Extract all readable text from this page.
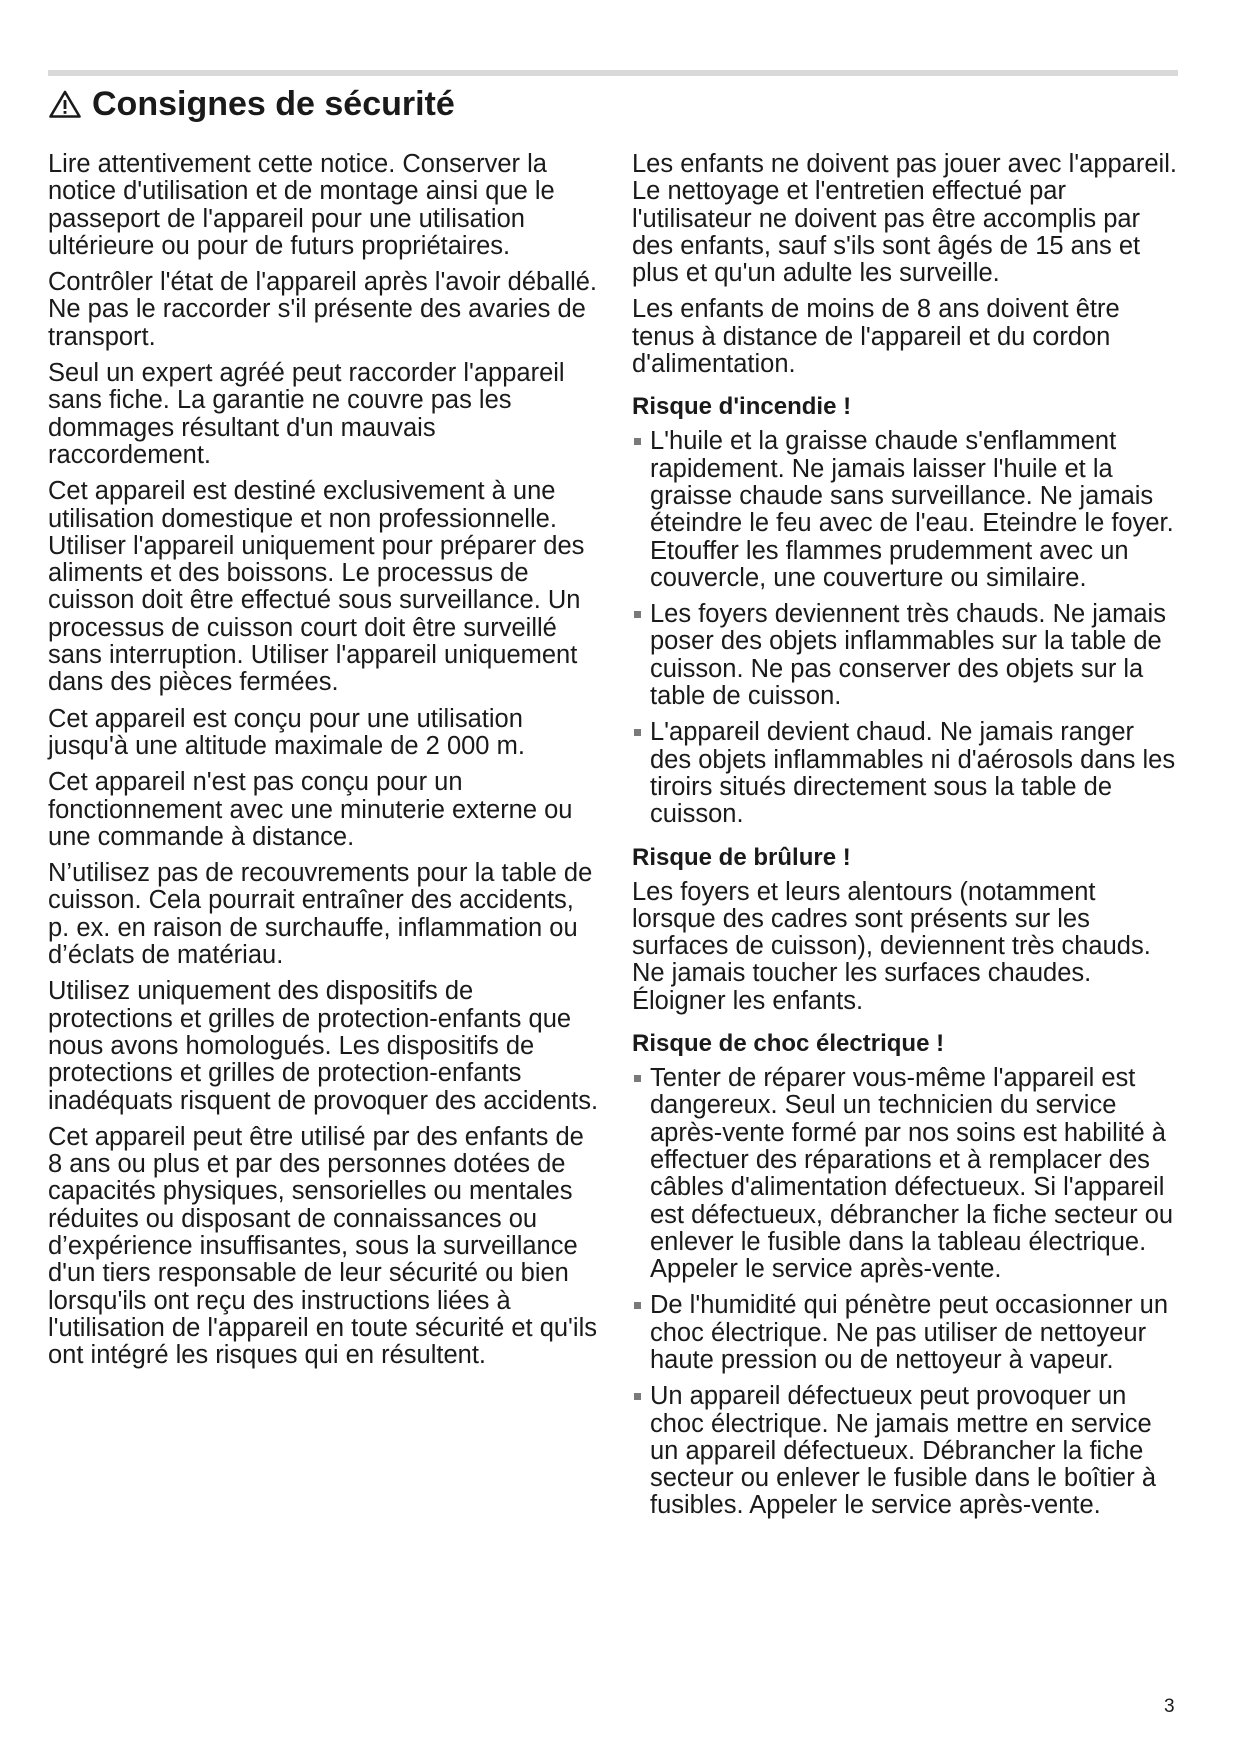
Consignes de sécurité

Lire attentivement cette notice. Conserver la notice d'utilisation et de montage ainsi que le passeport de l'appareil pour une utilisation ultérieure ou pour de futurs propriétaires.

Contrôler l'état de l'appareil après l'avoir déballé. Ne pas le raccorder s'il présente des avaries de transport.

Seul un expert agréé peut raccorder l'appareil sans fiche. La garantie ne couvre pas les dommages résultant d'un mauvais raccordement.

Cet appareil est destiné exclusivement à une utilisation domestique et non professionnelle. Utiliser l'appareil uniquement pour préparer des aliments et des boissons. Le processus de cuisson doit être effectué sous surveillance. Un processus de cuisson court doit être surveillé sans interruption. Utiliser l'appareil uniquement dans des pièces fermées.

Cet appareil est conçu pour une utilisation jusqu'à une altitude maximale de 2 000 m.

Cet appareil n'est pas conçu pour un fonctionnement avec une minuterie externe ou une commande à distance.

N’utilisez pas de recouvrements pour la table de cuisson. Cela pourrait entraîner des accidents, p. ex. en raison de surchauffe, inflammation ou d’éclats de matériau.

Utilisez uniquement des dispositifs de protections et grilles de protection-enfants que nous avons homologués. Les dispositifs de protections et grilles de protection-enfants inadéquats risquent de provoquer des accidents.

Cet appareil peut être utilisé par des enfants de 8 ans ou plus et par des personnes dotées de capacités physiques, sensorielles ou mentales réduites ou disposant de connaissances ou d’expérience insuffisantes, sous la surveillance d'un tiers responsable de leur sécurité ou bien lorsqu'ils ont reçu des instructions liées à l'utilisation de l'appareil en toute sécurité et qu'ils ont intégré les risques qui en résultent.

Les enfants ne doivent pas jouer avec l'appareil. Le nettoyage et l'entretien effectué par l'utilisateur ne doivent pas être accomplis par des enfants, sauf s'ils sont âgés de 15 ans et plus et qu'un adulte les surveille.

Les enfants de moins de 8 ans doivent être tenus à distance de l'appareil et du cordon d'alimentation.

Risque d'incendie !
L'huile et la graisse chaude s'enflamment rapidement. Ne jamais laisser l'huile et la graisse chaude sans surveillance. Ne jamais éteindre le feu avec de l'eau. Eteindre le foyer. Etouffer les flammes prudemment avec un couvercle, une couverture ou similaire.
Les foyers deviennent très chauds. Ne jamais poser des objets inflammables sur la table de cuisson. Ne pas conserver des objets sur la table de cuisson.
L'appareil devient chaud. Ne jamais ranger des objets inflammables ni d'aérosols dans les tiroirs situés directement sous la table de cuisson.
Risque de brûlure !

Les foyers et leurs alentours (notamment lorsque des cadres sont présents sur les surfaces de cuisson), deviennent très chauds. Ne jamais toucher les surfaces chaudes. Éloigner les enfants.

Risque de choc électrique !
Tenter de réparer vous-même l'appareil est dangereux. Seul un technicien du service après-vente formé par nos soins est habilité à effectuer des réparations et à remplacer des câbles d'alimentation défectueux. Si l'appareil est défectueux, débrancher la fiche secteur ou enlever le fusible dans la tableau électrique. Appeler le service après-vente.
De l'humidité qui pénètre peut occasionner un choc électrique. Ne pas utiliser de nettoyeur haute pression ou de nettoyeur à vapeur.
Un appareil défectueux peut provoquer un choc électrique. Ne jamais mettre en service un appareil défectueux. Débrancher la fiche secteur ou enlever le fusible dans le boîtier à fusibles. Appeler le service après-vente.
3
